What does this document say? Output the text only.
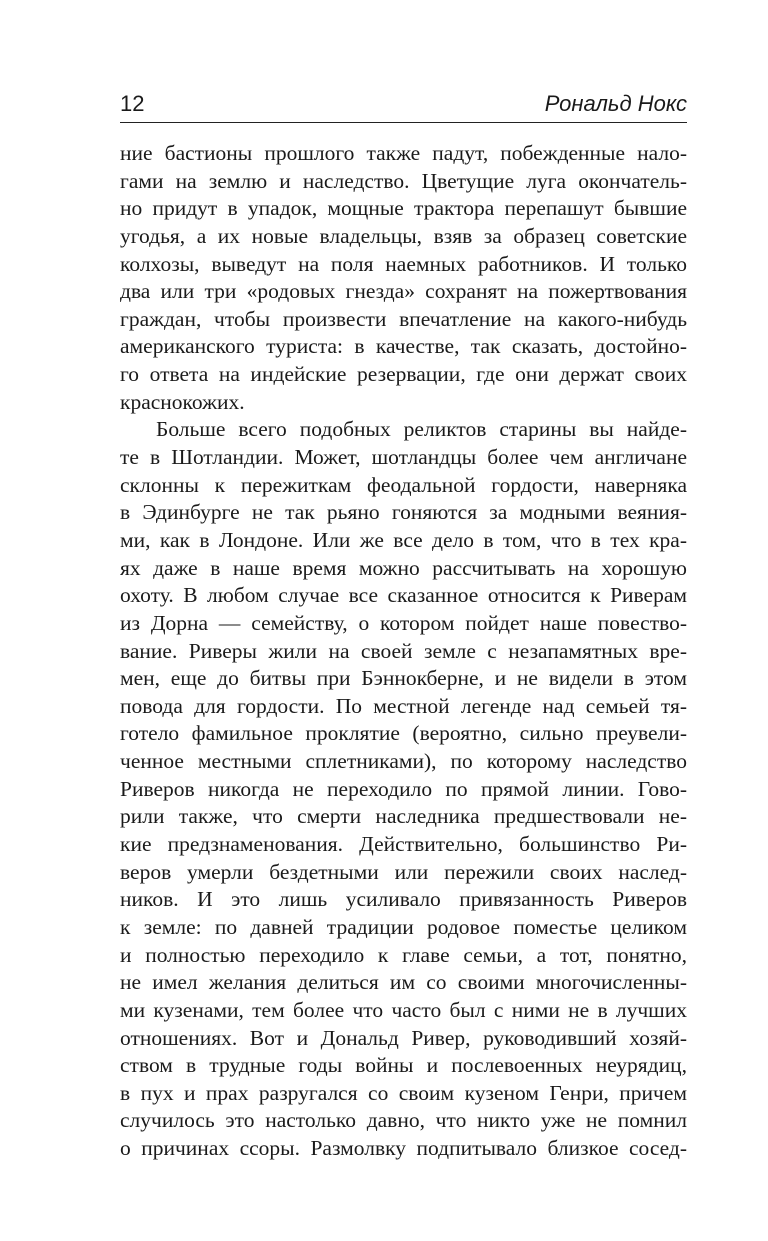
12	Рональд Нокс
ние бастионы прошлого также падут, побежденные нало-
гами на землю и наследство. Цветущие луга окончатель-
но придут в упадок, мощные трактора перепашут бывшие
угодья, а их новые владельцы, взяв за образец советские
колхозы, выведут на поля наемных работников. И только
два или три «родовых гнезда» сохранят на пожертвования
граждан, чтобы произвести впечатление на какого-нибудь
американского туриста: в качестве, так сказать, достойно-
го ответа на индейские резервации, где они держат своих
краснокожих.
Больше всего подобных реликтов старины вы найде-
те в Шотландии. Может, шотландцы более чем англичане
склонны к пережиткам феодальной гордости, наверняка
в Эдинбурге не так рьяно гоняются за модными веяния-
ми, как в Лондоне. Или же все дело в том, что в тех кра-
ях даже в наше время можно рассчитывать на хорошую
охоту. В любом случае все сказанное относится к Риверам
из Дорна — семейству, о котором пойдет наше повество-
вание. Риверы жили на своей земле с незапамятных вре-
мен, еще до битвы при Бэннокберне, и не видели в этом
повода для гордости. По местной легенде над семьей тя-
готело фамильное проклятие (вероятно, сильно преувели-
ченное местными сплетниками), по которому наследство
Риверов никогда не переходило по прямой линии. Гово-
рили также, что смерти наследника предшествовали не-
кие предзнаменования. Действительно, большинство Ри-
веров умерли бездетными или пережили своих наслед-
ников. И это лишь усиливало привязанность Риверов
к земле: по давней традиции родовое поместье целиком
и полностью переходило к главе семьи, а тот, понятно,
не имел желания делиться им со своими многочисленны-
ми кузенами, тем более что часто был с ними не в лучших
отношениях. Вот и Дональд Ривер, руководивший хозяй-
ством в трудные годы войны и послевоенных неурядиц,
в пух и прах разругался со своим кузеном Генри, причем
случилось это настолько давно, что никто уже не помнил
о причинах ссоры. Размолвку подпитывало близкое сосед-
